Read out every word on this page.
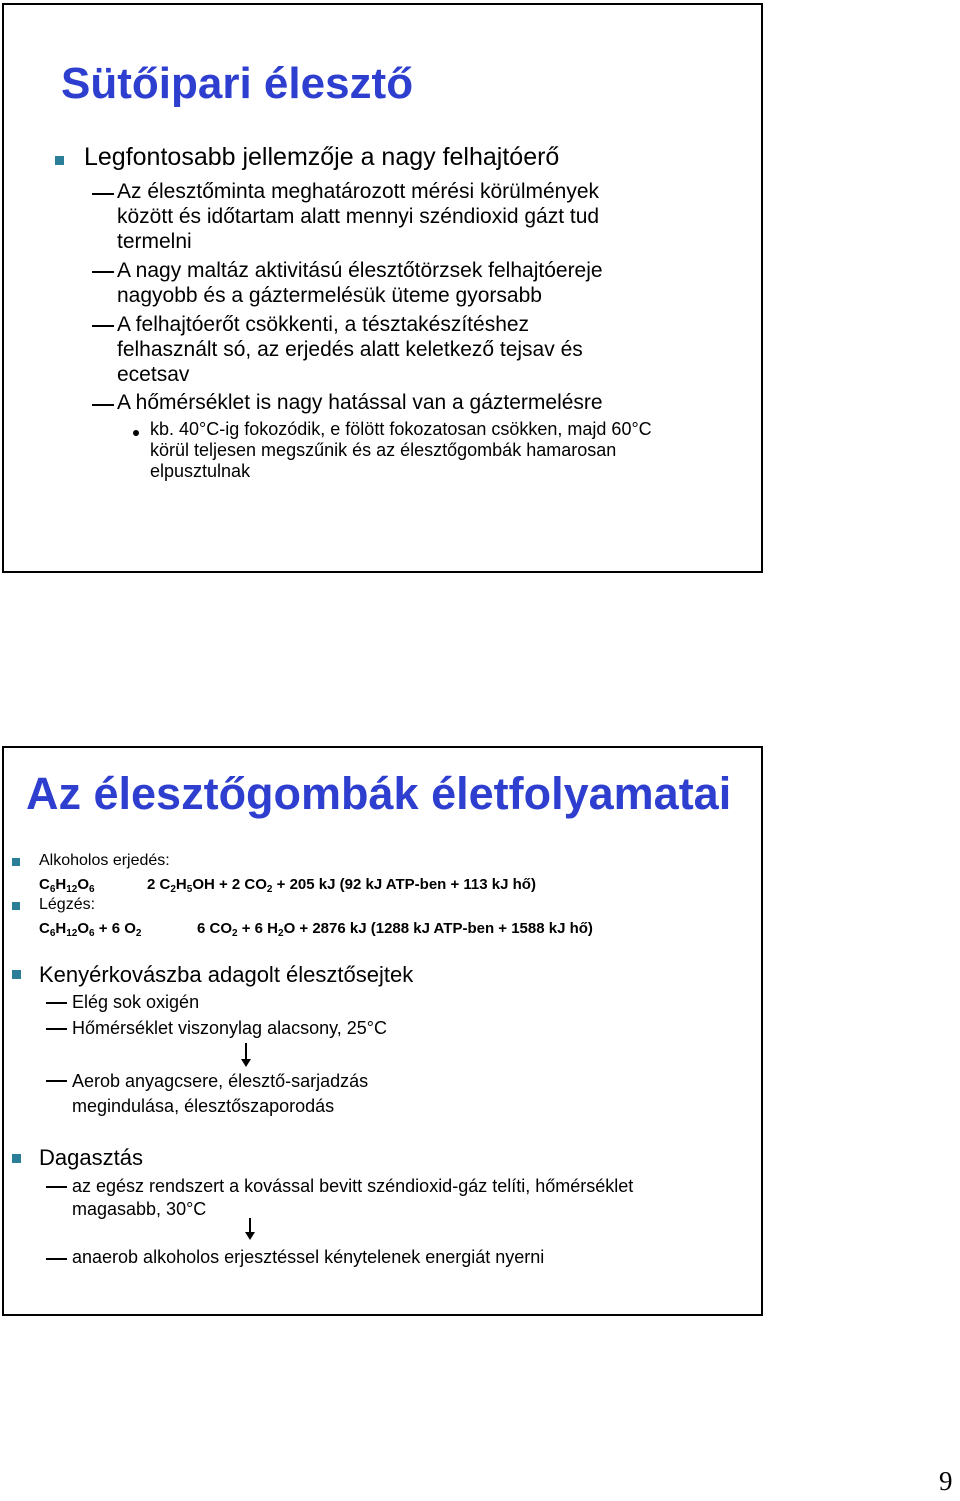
Sütőipari élesztő
Legfontosabb jellemzője a nagy felhajtóerő
Az élesztőminta meghatározott mérési körülmények
között és időtartam alatt mennyi széndioxid gázt tud
termelni
A nagy maltáz aktivitású élesztőtörzsek felhajtóereje
nagyobb és a gáztermelésük üteme gyorsabb
A felhajtóerőt csökkenti, a tésztakészítéshez
felhasznált só, az erjedés alatt keletkező tejsav és
ecetsav
A hőmérséklet is nagy hatással van a gáztermelésre
kb. 40°C-ig fokozódik, e fölött fokozatosan csökken, majd 60°C
körül teljesen megszűnik és az élesztőgombák hamarosan
elpusztulnak
Az élesztőgombák életfolyamatai
Alkoholos erjedés:
$C_6H_{12}O_6$	2 $C_2H_5OH + 2$ $CO_2 + 205$ kJ (92 kJ ATP-ben + 113 kJ hő)
Légzés:
$C_6H_{12}O_6 + 6$ $O_2$	6 $CO_2 + 6$ $H_2O + 2876$ kJ (1288 kJ ATP-ben + 1588 kJ hő)
Kenyérkovászba adagolt élesztősejtek
Elég sok oxigén
Hőmérséklet viszonylag alacsony, 25°C
Aerob anyagcsere, élesztő-sarjadzás
megindulása, élesztőszaporodás
Dagasztás
az egész rendszert a kovással bevitt széndioxid-gáz telíti, hőmérséklet
magasabb, 30°C
anaerob alkoholos erjesztéssel kénytelenek energiát nyerni
9
